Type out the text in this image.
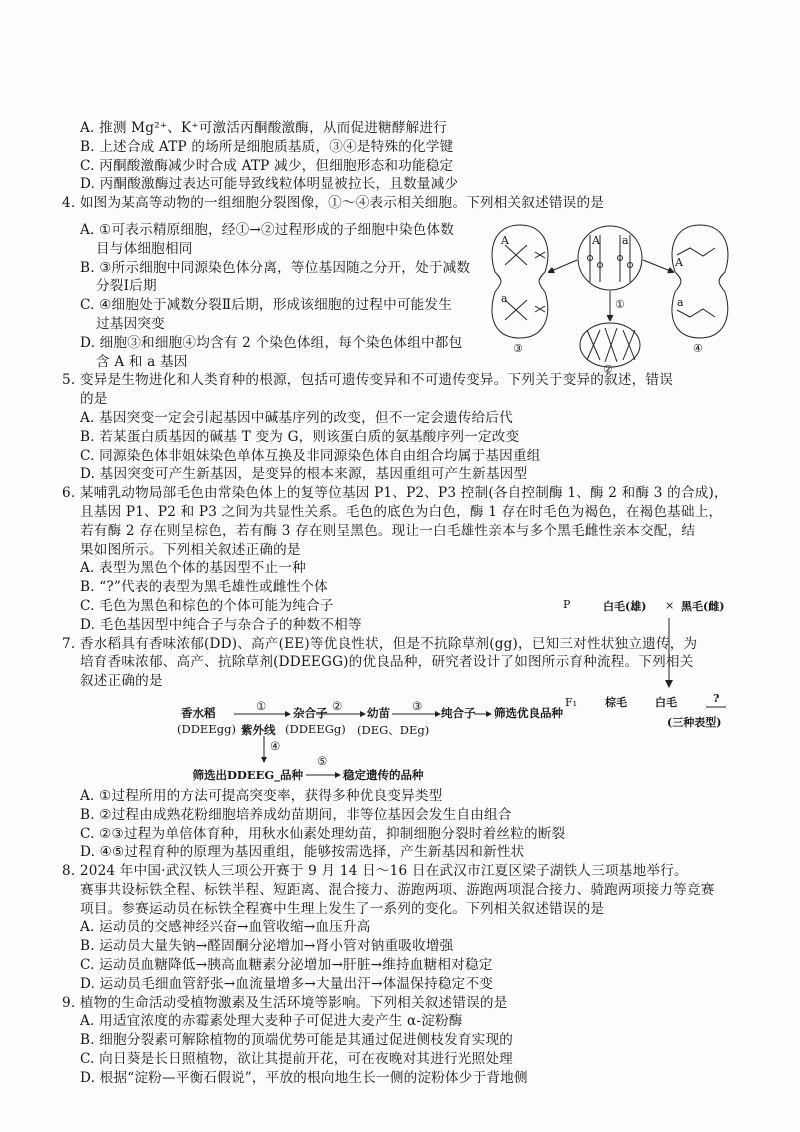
A. 推测 Mg²⁺、K⁺可激活丙酮酸激酶，从而促进糖酵解进行
B. 上述合成 ATP 的场所是细胞质基质，③④是特殊的化学键
C. 丙酮酸激酶减少时合成 ATP 减少，但细胞形态和功能稳定
D. 丙酮酸激酶过表达可能导致线粒体明显被拉长，且数量减少
4. 如图为某高等动物的一组细胞分裂图像，①～④表示相关细胞。下列相关叙述错误的是
A. ①可表示精原细胞，经①→②过程形成的子细胞中染色体数
目与体细胞相同
B. ③所示细胞中同源染色体分离，等位基因随之分开，处于减数
分裂Ⅰ后期
C. ④细胞处于减数分裂Ⅱ后期，形成该细胞的过程中可能发生
过基因突变
D. 细胞③和细胞④均含有 2 个染色体组，每个染色体组中都包
含 A 和 a 基因
5. 变异是生物进化和人类育种的根源，包括可遗传变异和不可遗传变异。下列关于变异的叙述，错误
的是
A. 基因突变一定会引起基因中碱基序列的改变，但不一定会遗传给后代
B. 若某蛋白质基因的碱基 T 变为 G，则该蛋白质的氨基酸序列一定改变
C. 同源染色体非姐妹染色单体互换及非同源染色体自由组合均属于基因重组
D. 基因突变可产生新基因，是变异的根本来源，基因重组可产生新基因型
6. 某哺乳动物局部毛色由常染色体上的复等位基因 P1、P2、P3 控制(各自控制酶 1、酶 2 和酶 3 的合成)，
且基因 P1、P2 和 P3 之间为共显性关系。毛色的底色为白色，酶 1 存在时毛色为褐色，在褐色基础上，
若有酶 2 存在则呈棕色，若有酶 3 存在则呈黑色。现让一白毛雄性亲本与多个黑毛雌性亲本交配，结
果如图所示。下列相关叙述正确的是
A. 表型为黑色个体的基因型不止一种
B. “?”代表的表型为黑毛雄性或雌性个体
C. 毛色为黑色和棕色的个体可能为纯合子
D. 毛色基因型中纯合子与杂合子的种数不相等
7. 香水稻具有香味浓郁(DD)、高产(EE)等优良性状，但是不抗除草剂(gg)，已知三对性状独立遗传，为
培育香味浓郁、高产、抗除草剂(DDEEGG)的优良品种，研究者设计了如图所示育种流程。下列相关
叙述正确的是
香水稻
(DDEEgg)
①
紫外线
杂合子
(DDEEGg)
② 幼苗
(DEG、DEg)
③ 纯合子 筛选优良品种
④
筛选出DDEEG_品种
⑤
稳定遗传的品种
A. ①过程所用的方法可提高突变率，获得多种优良变异类型
B. ②过程由成熟花粉细胞培养成幼苗期间，非等位基因会发生自由组合
C. ②③过程为单倍体育种，用秋水仙素处理幼苗，抑制细胞分裂时着丝粒的断裂
D. ④⑤过程育种的原理为基因重组，能够按需选择，产生新基因和新性状
8. 2024 年中国·武汉铁人三项公开赛于 9 月 14 日～16 日在武汉市江夏区梁子湖铁人三项基地举行。
赛事共设标铁全程、标铁半程、短距离、混合接力、游跑两项、游跑两项混合接力、骑跑两项接力等竞赛
项目。参赛运动员在标铁全程赛中生理上发生了一系列的变化。下列相关叙述错误的是
A. 运动员的交感神经兴奋→血管收缩→血压升高
B. 运动员大量失钠→醛固酮分泌增加→肾小管对钠重吸收增强
C. 运动员血糖降低→胰高血糖素分泌增加→肝脏→维持血糖相对稳定
D. 运动员毛细血管舒张→血流量增多→大量出汗→体温保持稳定不变
9. 植物的生命活动受植物激素及生活环境等影响。下列相关叙述错误的是
A. 用适宜浓度的赤霉素处理大麦种子可促进大麦产生 α-淀粉酶
B. 细胞分裂素可解除植物的顶端优势可能是其通过促进侧枝发育实现的
C. 向日葵是长日照植物，欲让其提前开花，可在夜晚对其进行光照处理
D. 根据“淀粉—平衡石假说”，平放的根向地生长一侧的淀粉体少于背地侧
A a
A
a
A
a
①
③
②
④
P	白毛(雄) × 黑毛(雌)
F₁	棕毛	白毛	?
(三种表型)
